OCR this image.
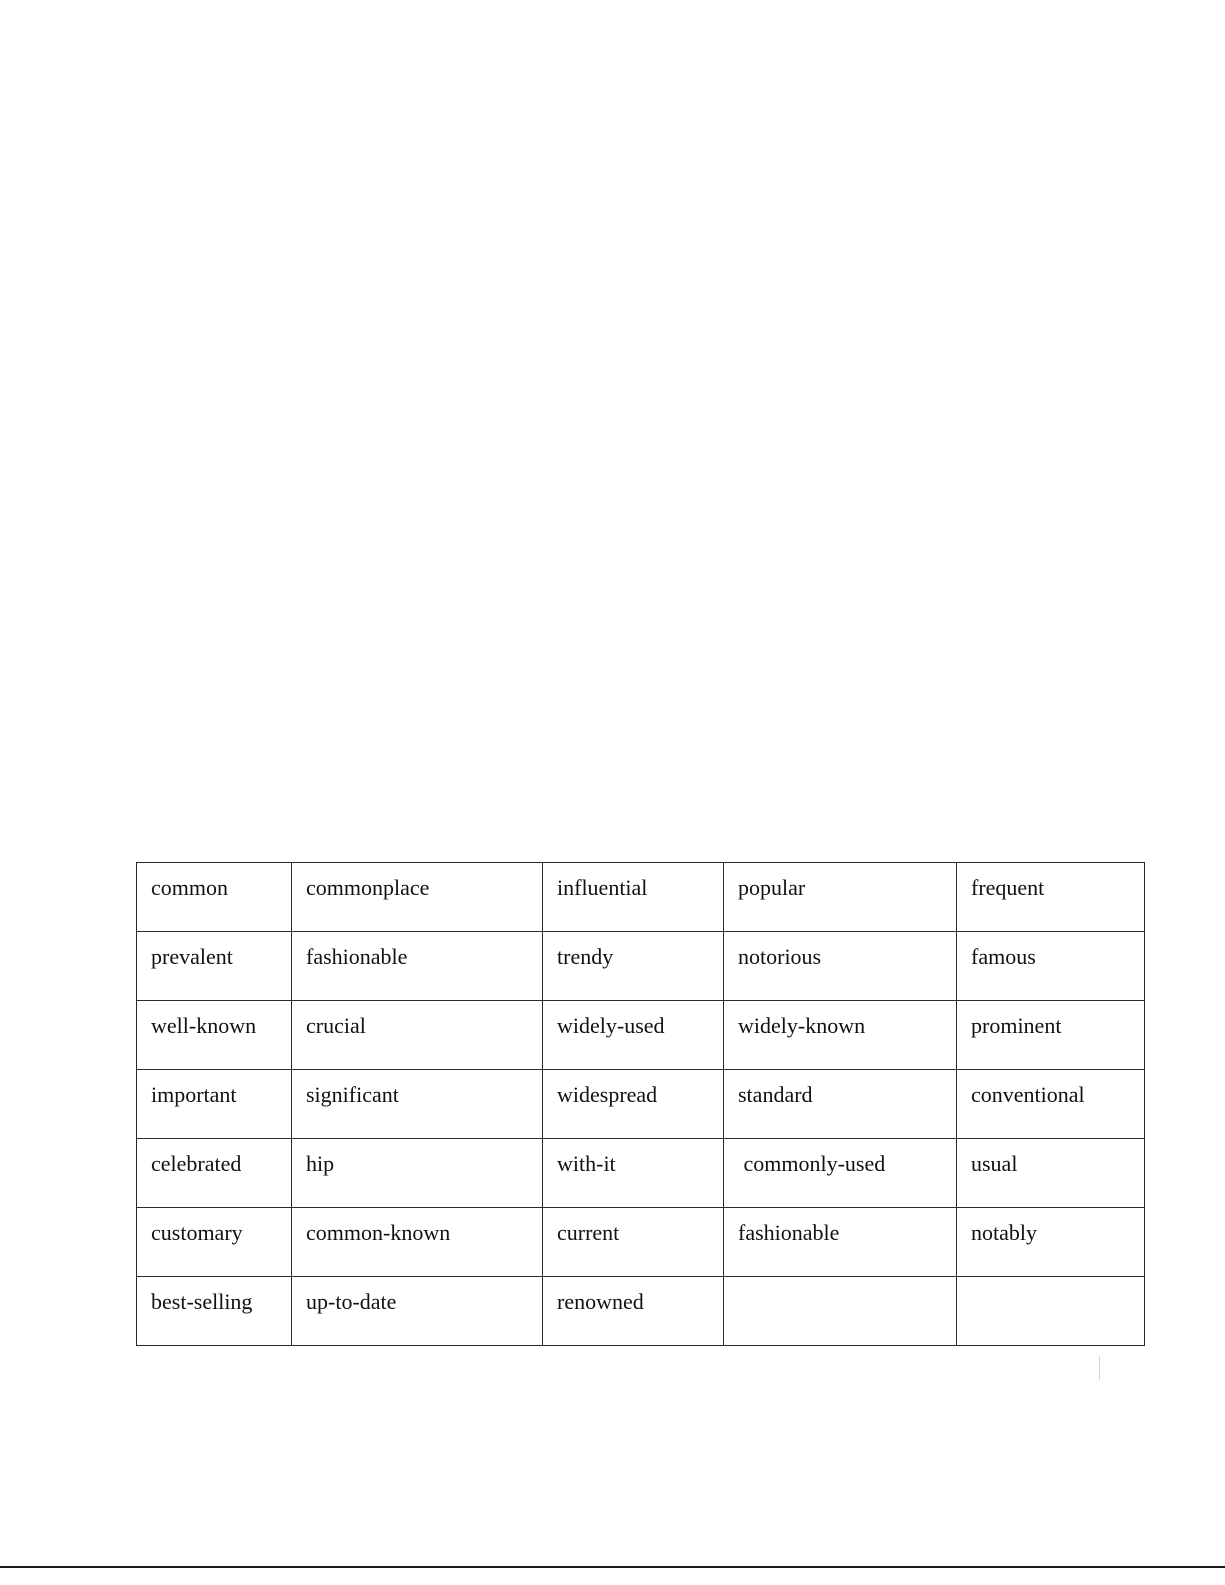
common	commonplace	influential	popular	frequent
prevalent	fashionable	trendy	notorious	famous
well-known	crucial	widely-used	widely-known	prominent
important	significant	widespread	standard	conventional
celebrated	hip	with-it	commonly-used	usual
customary	common-known	current	fashionable	notably
best-selling	up-to-date	renowned		
